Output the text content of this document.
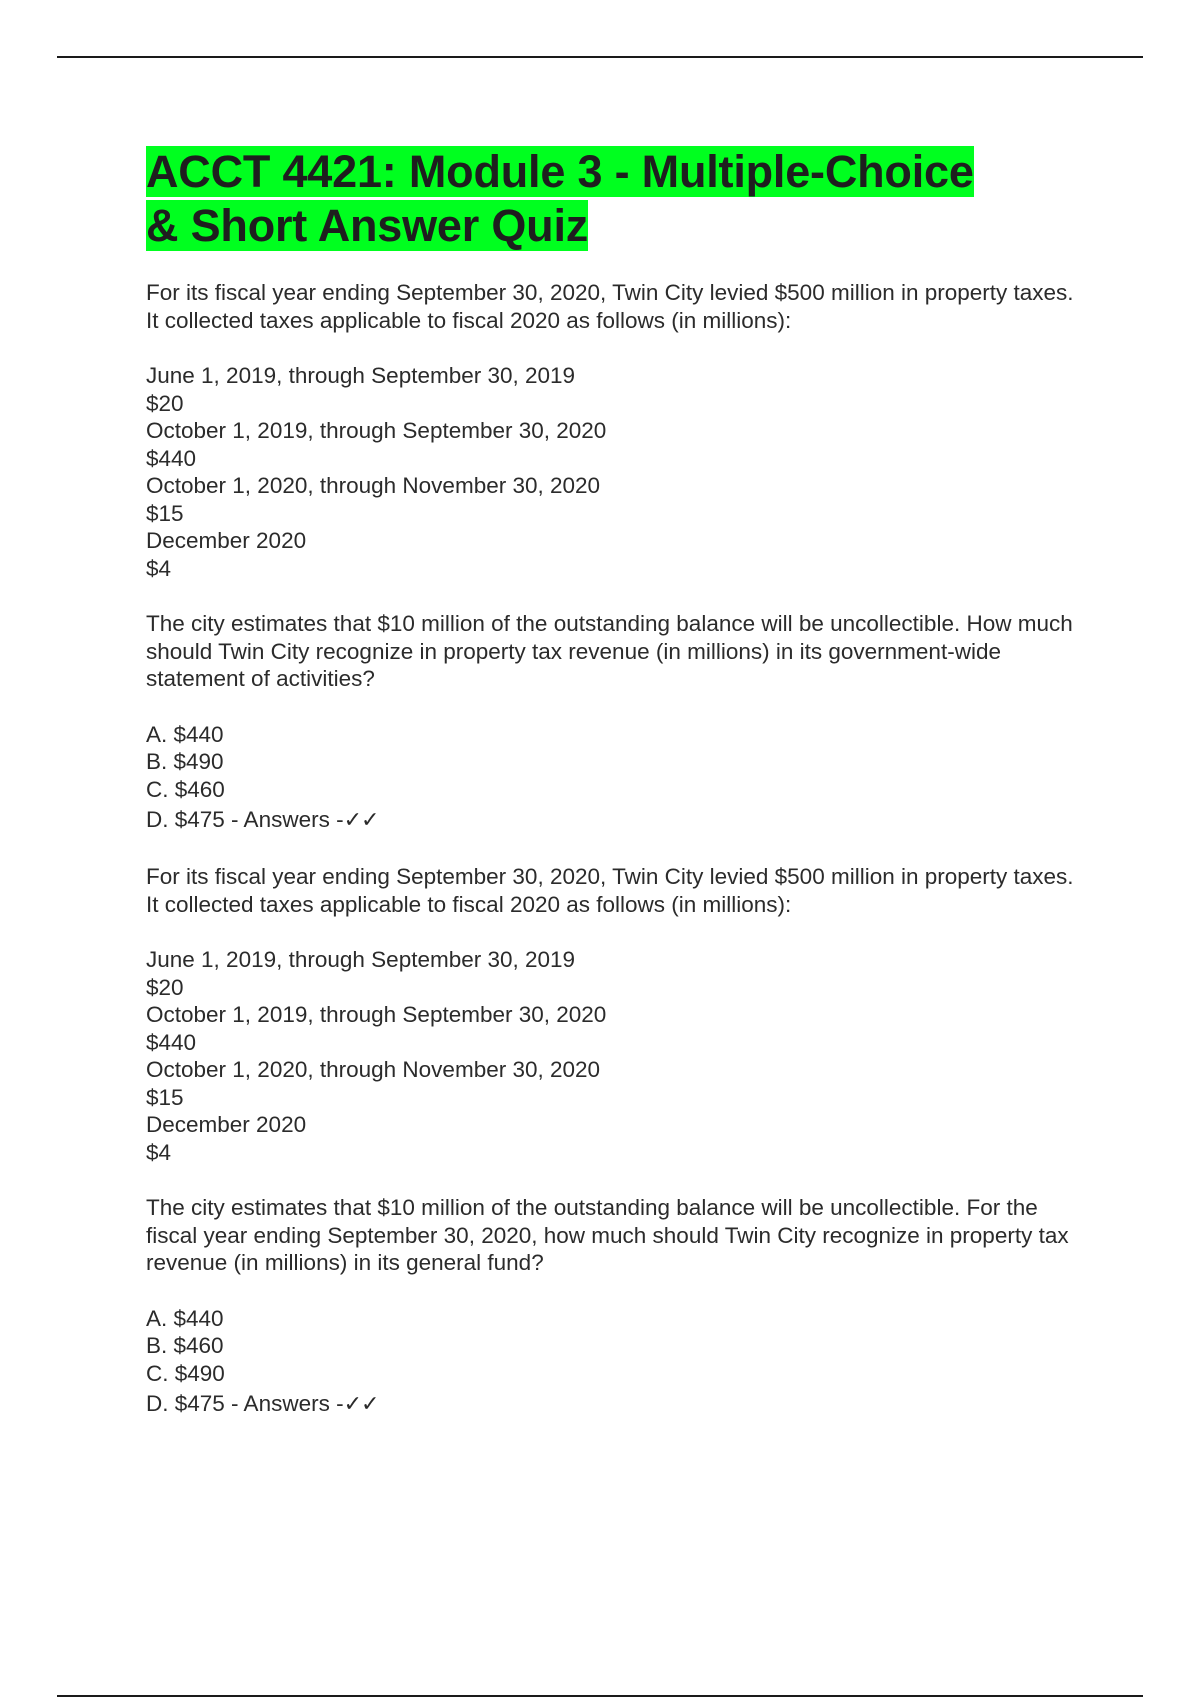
ACCT 4421: Module 3 - Multiple-Choice
& Short Answer Quiz

For its fiscal year ending September 30, 2020, Twin City levied $500 million in property taxes. It collected taxes applicable to fiscal 2020 as follows (in millions):

June 1, 2019, through September 30, 2019
$20
October 1, 2019, through September 30, 2020
$440
October 1, 2020, through November 30, 2020
$15
December 2020
$4

The city estimates that $10 million of the outstanding balance will be uncollectible. How much should Twin City recognize in property tax revenue (in millions) in its government-wide statement of activities?

A. $440
B. $490
C. $460
D. $475 - Answers -✓✓

For its fiscal year ending September 30, 2020, Twin City levied $500 million in property taxes. It collected taxes applicable to fiscal 2020 as follows (in millions):

June 1, 2019, through September 30, 2019
$20
October 1, 2019, through September 30, 2020
$440
October 1, 2020, through November 30, 2020
$15
December 2020
$4

The city estimates that $10 million of the outstanding balance will be uncollectible. For the fiscal year ending September 30, 2020, how much should Twin City recognize in property tax revenue (in millions) in its general fund?

A. $440
B. $460
C. $490
D. $475 - Answers -✓✓
